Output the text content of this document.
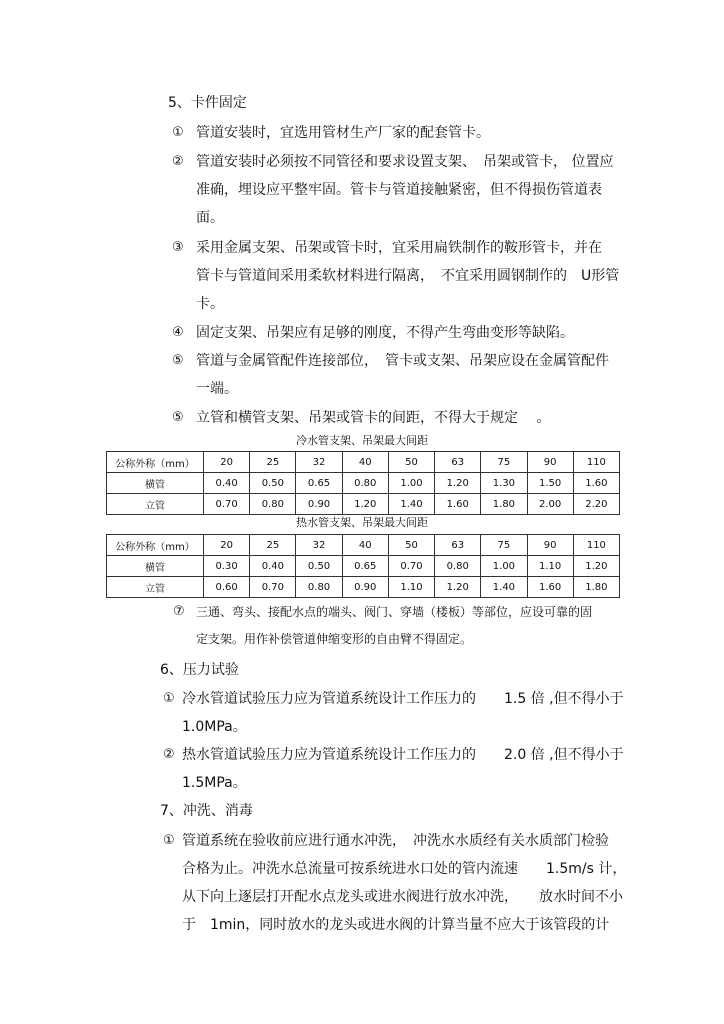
5、卡件固定
① 管道安装时，宜选用管材生产厂家的配套管卡。
② 管道安装时必须按不同管径和要求设置支架、　吊架或管卡， 位置应
准确，埋设应平整牢固。管卡与管道接触紧密，但不得损伤管道表
面。
③ 采用金属支架、吊架或管卡时，宜采用扁铁制作的鞍形管卡，并在
管卡与管道间采用柔软材料进行隔离，　不宜采用圆钢制作的　U形管
卡。
④ 固定支架、吊架应有足够的刚度，不得产生弯曲变形等缺陷。
⑤ 管道与金属管配件连接部位，　管卡或支架、吊架应设在金属管配件
一端。
⑤ 立管和横管支架、吊架或管卡的间距，不得大于规定　 。
冷水管支架、吊架最大间距
公称外称（mm）	20	25	32	40	50	63	75	90	110
横管	0.40	0.50	0.65	0.80	1.00	1.20	1.30	1.50	1.60
立管	0.70	0.80	0.90	1.20	1.40	1.60	1.80	2.00	2.20
热水管支架、吊架最大间距
公称外称（mm）	20	25	32	40	50	63	75	90	110
横管	0.30	0.40	0.50	0.65	0.70	0.80	1.00	1.10	1.20
立管	0.60	0.70	0.80	0.90	1.10	1.20	1.40	1.60	1.80
⑦ 三通、弯头、接配水点的端头、阀门、穿墙（楼板）等部位，应设可靠的固
定支架。用作补偿管道伸缩变形的自由臂不得固定。
6、压力试验
① 冷水管道试验压力应为管道系统设计工作压力的　　1.5 倍 ,但不得小于
1.0MPa。
② 热水管道试验压力应为管道系统设计工作压力的　　2.0 倍 ,但不得小于
1.5MPa。
7、冲洗、消毒
① 管道系统在验收前应进行通水冲洗，　冲洗水水质经有关水质部门检验
合格为止。冲洗水总流量可按系统进水口处的管内流速　　1.5m/s 计，
从下向上逐层打开配水点龙头或进水阀进行放水冲洗，　　放水时间不小
于　1min，同时放水的龙头或进水阀的计算当量不应大于该管段的计
